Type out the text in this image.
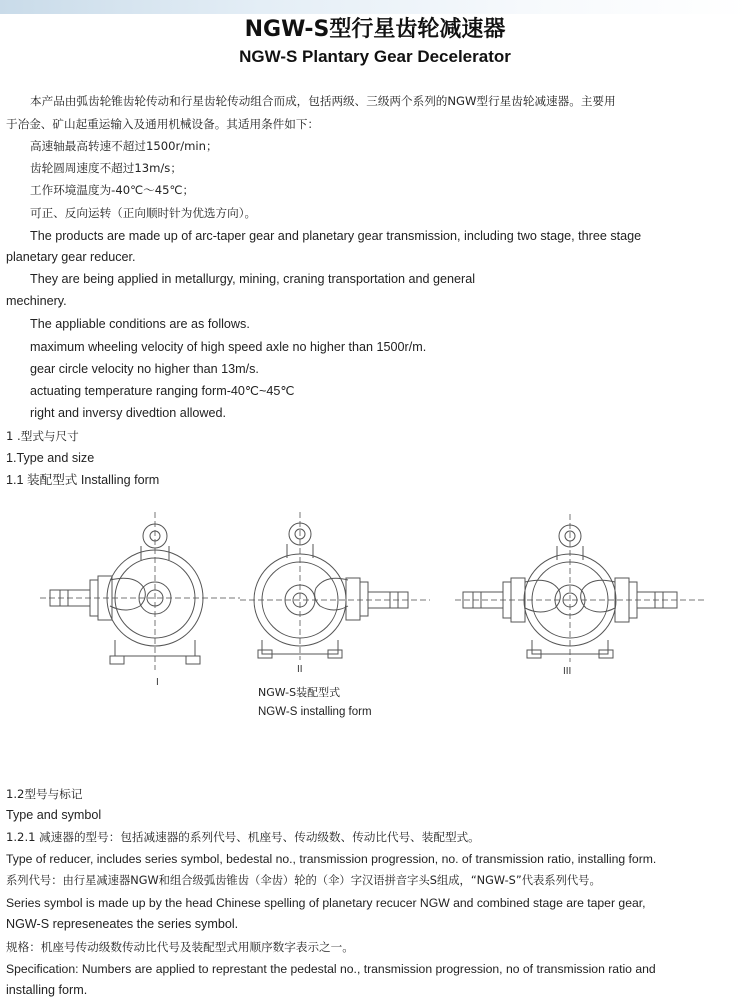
NGW-S型行星齿轮减速器
NGW-S Plantary Gear Decelerator

本产品由弧齿轮锥齿轮传动和行星齿轮传动组合而成，包括两级、三级两个系列的NGW型行星齿轮减速器。主要用

于冶金、矿山起重运输入及通用机械设备。其适用条件如下：

高速轴最高转速不超过1500r/min；

齿轮圆周速度不超过13m/s；

工作环境温度为-40℃～45℃；

可正、反向运转（正向顺时针为优选方向）。

The products are made up of arc-taper gear and planetary gear transmission, including two stage, three stage

planetary gear reducer.

They are being applied in metallurgy, mining, craning transportation and general

mechinery.

The appliable conditions are as follows.

maximum wheeling velocity of high speed axle no higher than 1500r/m.

gear circle velocity no higher than 13m/s.

actuating temperature ranging form-40℃~45℃

right and inversy divedtion allowed.

1 .型式与尺寸

1.Type and size

1.1 装配型式 Installing form

I
II	III

NGW-S装配型式

NGW-S installing form

1.2型号与标记

Type and symbol

1.2.1 减速器的型号：包括减速器的系列代号、机座号、传动级数、传动比代号、装配型式。

Type of reducer, includes series symbol, bedestal no., transmission progression, no. of transmission ratio, installing form.

系列代号：由行星减速器NGW和组合级弧齿锥齿（伞齿）轮的（伞）字汉语拼音字头S组成，“NGW-S”代表系列代号。

Series symbol is made up by the head Chinese spelling of planetary recucer NGW and combined stage are taper gear,

NGW-S represeneates the series symbol.

规格：机座号传动级数传动比代号及装配型式用顺序数字表示之一。

Specification: Numbers are applied to represtant the pedestal no., transmission progression, no of transmission ratio and

installing form.
